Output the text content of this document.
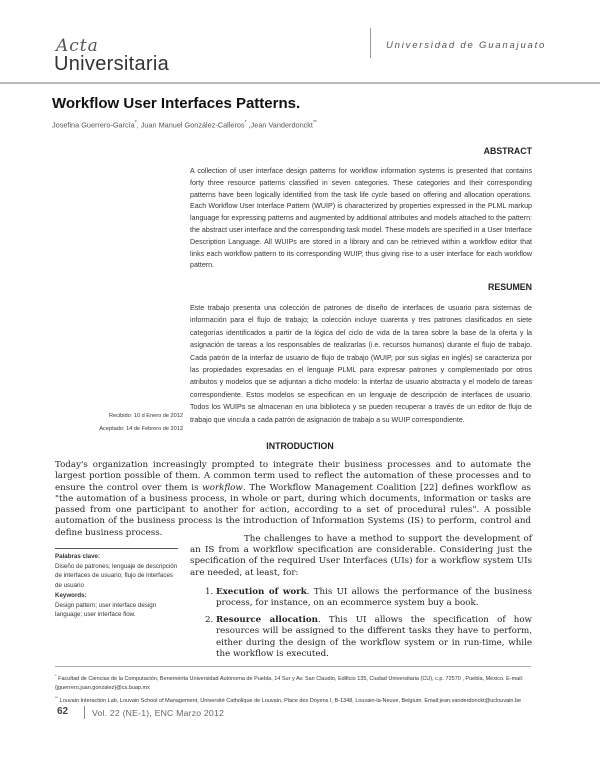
Acta
Universitaria
Universidad de Guanajuato
Workflow User Interfaces Patterns.
Josefina Guerrero-García*, Juan Manuel González-Calleros* ,Jean Vanderdonckt**
ABSTRACT
A collection of user interface design patterns for workflow information systems is presented that contains forty three resource patterns classified in seven categories. These categories and their corresponding patterns have been logically identified from the task life cycle based on offering and allocation operations. Each Workflow User Interface Pattern (WUIP) is characterized by properties expressed in the PLML markup language for expressing patterns and augmented by additional attributes and models attached to the pattern: the abstract user interface and the corresponding task model. These models are specified in a User Interface Description Language. All WUIPs are stored in a library and can be retrieved within a workflow editor that links each workflow pattern to its corresponding WUIP, thus giving rise to a user interface for each workflow pattern.
RESUMEN
Este trabajo presenta una colección de patrones de diseño de interfaces de usuario para sistemas de información para el flujo de trabajo; la colección incluye cuarenta y tres patrones clasificados en siete categorías identificados a partir de la lógica del ciclo de vida de la tarea sobre la base de la oferta y la asignación de tareas a los responsables de realizarlas (i.e. recursos humanos) durante el flujo de trabajo. Cada patrón de la interfaz de usuario de flujo de trabajo (WUIP, por sus siglas en inglés) se caracteriza por las propiedades expresadas en el lenguaje PLML para expresar patrones y complementado por otros atributos y modelos que se adjuntan a dicho modelo: la interfaz de usuario abstracta y el modelo de tareas correspondiente. Estos modelos se especifican en un lenguaje de descripción de interfaces de usuario. Todos los WUIPs se almacenan en una biblioteca y se pueden recuperar a través de un editor de flujo de trabajo que vincula a cada patrón de asignación de trabajo a su WUIP correspondiente.
Recibido: 10 d Enero de 2012
Aceptado: 14 de Febrero de 2012
INTRODUCTION
Today's organization increasingly prompted to integrate their business processes and to automate the largest portion possible of them. A common term used to reflect the automation of these processes and to ensure the control over them is workflow. The Workflow Management Coalition [22] defines workflow as "the automation of a business process, in whole or part, during which documents, information or tasks are passed from one participant to another for action, according to a set of procedural rules". A possible automation of the business process is the introduction of Information Systems (IS) to perform, control and define business process.
Palabras clave:
Diseño de patrones; lenguaje de descripción de interfaces de usuario; flujo de interfaces de usuario
Keywords:
Design pattern; user interface design language; user interface flow.

The challenges to have a method to support the development of an IS from a workflow specification are considerable. Considering just the specification of the required User Interfaces (UIs) for a workflow system UIs are needed, at least, for:

1. Execution of work. This UI allows the performance of the business process, for instance, on an ecommerce system buy a book.
2. Resource allocation. This UI allows the specification of how resources will be assigned to the different tasks they have to perform, either during the design of the workflow system or in run-time, while the workflow is executed.
* Facultad de Ciencias de la Computación, Benemérita Universidad Autónoma de Puebla, 14 Sur y Av. San Claudio, Edificio 135, Ciudad Universitaria (CU), c.p. 72570 , Puebla, Mexico. E-mail: {jguerrero,juan.gonzalez}@cs.buap.mx
** Louvain Interaction Lab, Louvain School of Management, Université Catholique de Louvain, Place des Doyens I, B-1348, Louvain-la-Neuve, Belgium. Email:jean.vanderdonckt@uclouvain.be
62	Vol. 22 (NE-1), ENC Marzo 2012
